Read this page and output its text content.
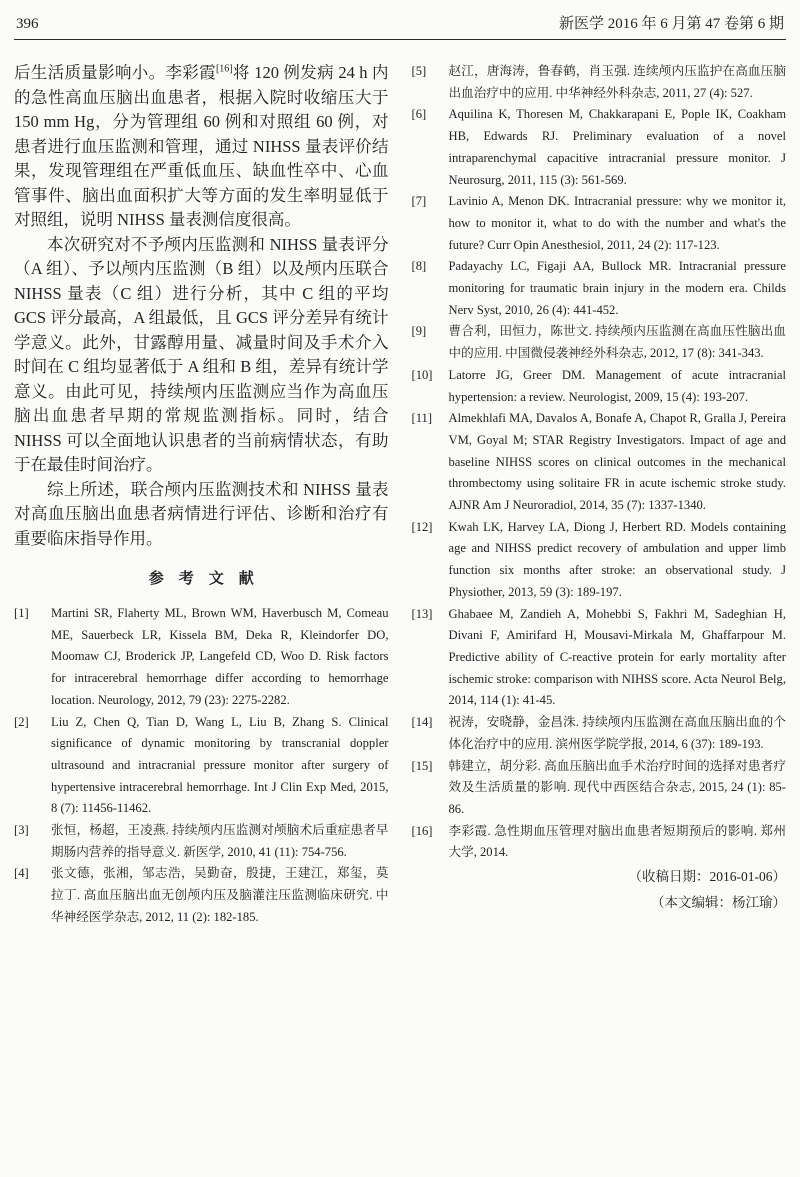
396	新医学 2016 年 6 月第 47 卷第 6 期

后生活质量影响小。李彩霞[16]将 120 例发病 24 h 内的急性高血压脑出血患者，根据入院时收缩压大于 150 mm Hg，分为管理组 60 例和对照组 60 例，对患者进行血压监测和管理，通过 NIHSS 量表评价结果，发现管理组在严重低血压、缺血性卒中、心血管事件、脑出血面积扩大等方面的发生率明显低于对照组，说明 NIHSS 量表测信度很高。

本次研究对不予颅内压监测和 NIHSS 量表评分（A 组）、予以颅内压监测（B 组）以及颅内压联合 NIHSS 量表（C 组）进行分析，其中 C 组的平均 GCS 评分最高，A 组最低，且 GCS 评分差异有统计学意义。此外，甘露醇用量、减量时间及手术介入时间在 C 组均显著低于 A 组和 B 组，差异有统计学意义。由此可见，持续颅内压监测应当作为高血压脑出血患者早期的常规监测指标。同时，结合 NIHSS 可以全面地认识患者的当前病情状态，有助于在最佳时间治疗。

综上所述，联合颅内压监测技术和 NIHSS 量表对高血压脑出血患者病情进行评估、诊断和治疗有重要临床指导作用。

参　考　文　献
[1]	Martini SR, Flaherty ML, Brown WM, Haverbusch M, Comeau ME, Sauerbeck LR, Kissela BM, Deka R, Kleindorfer DO, Moomaw CJ, Broderick JP, Langefeld CD, Woo D. Risk factors for intracerebral hemorrhage differ according to hemorrhage location. Neurology, 2012, 79 (23): 2275-2282.
[2]	Liu Z, Chen Q, Tian D, Wang L, Liu B, Zhang S. Clinical significance of dynamic monitoring by transcranial doppler ultrasound and intracranial pressure monitor after surgery of hypertensive intracerebral hemorrhage. Int J Clin Exp Med, 2015, 8 (7): 11456-11462.
[3]	张恒，杨超，王凌燕. 持续颅内压监测对颅脑术后重症患者早期肠内营养的指导意义. 新医学, 2010, 41 (11): 754-756.
[4]	张文德，张湘，邹志浩，吴勤奋，殷捷，王建江，郑玺，莫拉丁. 高血压脑出血无创颅内压及脑灌注压监测临床研究. 中华神经医学杂志, 2012, 11 (2): 182-185.
[5]	赵江，唐海涛，鲁春鹤，肖玉强. 连续颅内压监护在高血压脑出血治疗中的应用. 中华神经外科杂志, 2011, 27 (4): 527.
[6]	Aquilina K, Thoresen M, Chakkarapani E, Pople IK, Coakham HB, Edwards RJ. Preliminary evaluation of a novel intraparenchymal capacitive intracranial pressure monitor. J Neurosurg, 2011, 115 (3): 561-569.
[7]	Lavinio A, Menon DK. Intracranial pressure: why we monitor it, how to monitor it, what to do with the number and what's the future? Curr Opin Anesthesiol, 2011, 24 (2): 117-123.
[8]	Padayachy LC, Figaji AA, Bullock MR. Intracranial pressure monitoring for traumatic brain injury in the modern era. Childs Nerv Syst, 2010, 26 (4): 441-452.
[9]	曹合利，田恒力，陈世文. 持续颅内压监测在高血压性脑出血中的应用. 中国微侵袭神经外科杂志, 2012, 17 (8): 341-343.
[10]	Latorre JG, Greer DM. Management of acute intracranial hypertension: a review. Neurologist, 2009, 15 (4): 193-207.
[11]	Almekhlafi MA, Davalos A, Bonafe A, Chapot R, Gralla J, Pereira VM, Goyal M; STAR Registry Investigators. Impact of age and baseline NIHSS scores on clinical outcomes in the mechanical thrombectomy using solitaire FR in acute ischemic stroke study. AJNR Am J Neuroradiol, 2014, 35 (7): 1337-1340.
[12]	Kwah LK, Harvey LA, Diong J, Herbert RD. Models containing age and NIHSS predict recovery of ambulation and upper limb function six months after stroke: an observational study. J Physiother, 2013, 59 (3): 189-197.
[13]	Ghabaee M, Zandieh A, Mohebbi S, Fakhri M, Sadeghian H, Divani F, Amirifard H, Mousavi-Mirkala M, Ghaffarpour M. Predictive ability of C-reactive protein for early mortality after ischemic stroke: comparison with NIHSS score. Acta Neurol Belg, 2014, 114 (1): 41-45.
[14]	祝涛，安晓静，金昌洙. 持续颅内压监测在高血压脑出血的个体化治疗中的应用. 滨州医学院学报, 2014, 6 (37): 189-193.
[15]	韩建立，胡分彩. 高血压脑出血手术治疗时间的选择对患者疗效及生活质量的影响. 现代中西医结合杂志, 2015, 24 (1): 85-86.
[16]	李彩霞. 急性期血压管理对脑出血患者短期预后的影响. 郑州大学, 2014.
（收稿日期：2016-01-06）
（本文编辑：杨江瑜）
